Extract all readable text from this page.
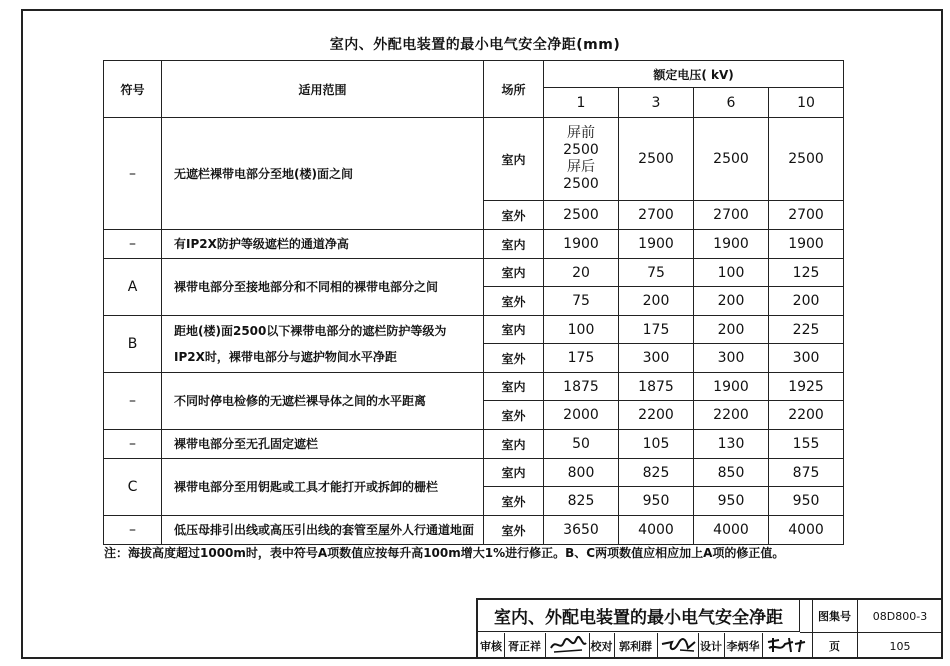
室内、外配电装置的最小电气安全净距(mm)
符号	适用范围	场所	额定电压( kV)			
			1	3	6	10
–	无遮栏裸带电部分至地(楼)面之间	室内	屏前 2500 屏后 2500	2500	2500	2500
		室外	2500	2700	2700	2700
–	有IP2X防护等级遮栏的通道净高	室内	1900	1900	1900	1900
A	裸带电部分至接地部分和不同相的裸带电部分之间	室内	20	75	100	125
		室外	75	200	200	200
B	距地(楼)面2500以下裸带电部分的遮栏防护等级为IP2X时，裸带电部分与遮护物间水平净距	室内	100	175	200	225
		室外	175	300	300	300
–	不同时停电检修的无遮栏裸导体之间的水平距离	室内	1875	1875	1900	1925
		室外	2000	2200	2200	2200
–	裸带电部分至无孔固定遮栏	室内	50	105	130	155
C	裸带电部分至用钥匙或工具才能打开或拆卸的栅栏	室内	800	825	850	875
		室外	825	950	950	950
–	低压母排引出线或高压引出线的套管至屋外人行通道地面	室外	3650	4000	4000	4000
注：海拔高度超过1000m时，表中符号A项数值应按每升高100m增大1%进行修正。B、C两项数值应相应加上A项的修正值。
室内、外配电装置的最小电气安全净距	图集号	08D800-3
页	105
审核 胥正祥	校对 郭利群	设计 李炳华
